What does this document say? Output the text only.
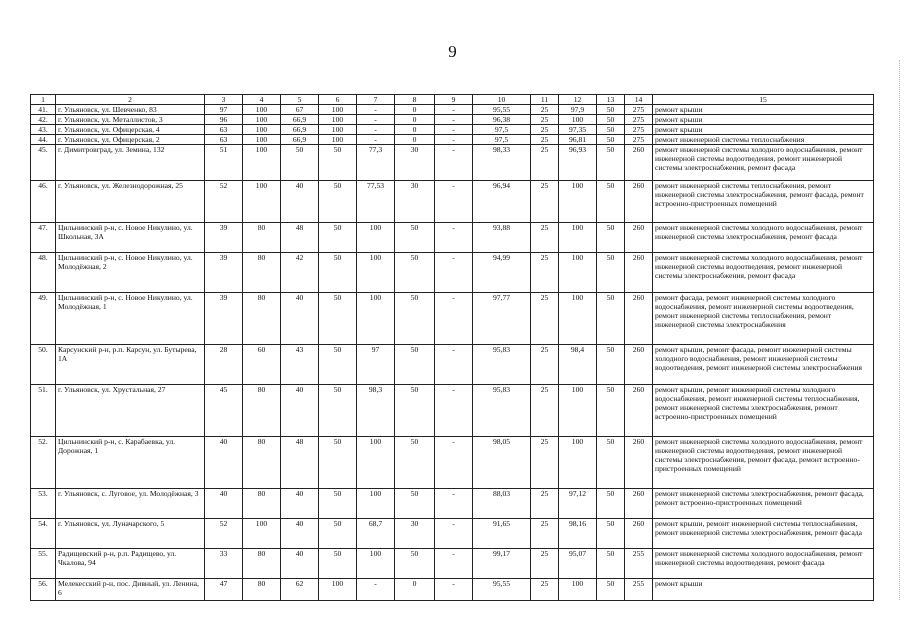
9
1	2	3	4	5	6	7	8	9	10	11	12	13	14	15
41.	г. Ульяновск, ул. Шевченко, 83	97	100	67	100	-	0	-	95,55	25	97,9	50	275	ремонт крыши
42.	г. Ульяновск, ул. Металлистов, 3	96	100	66,9	100	-	0	-	96,38	25	100	50	275	ремонт крыши
43.	г. Ульяновск, ул. Офицерская, 4	63	100	66,9	100	-	0	-	97,5	25	97,35	50	275	ремонт крыши
44.	г. Ульяновск, ул. Офицерская, 2	63	100	66,9	100	-	0	-	97,5	25	96,81	50	275	ремонт инженерной системы теплоснабжения
45.	г. Димитровград, ул. Земина, 132	51	100	50	50	77,3	30	-	98,33	25	96,93	50	260	ремонт инженерной системы холодного водоснабжения, ремонт инженерной системы водоотведения, ремонт инженерной системы электроснабжения, ремонт фасада
46.	г. Ульяновск, ул. Железнодорожная, 25	52	100	40	50	77,53	30	-	96,94	25	100	50	260	ремонт инженерной системы теплоснабжения, ремонт инженерной системы электроснабжения, ремонт фасада, ремонт встроенно-пристроенных помещений
47.	Цильнинский р-н, с. Новое Никулино, ул. Школьная, 3А	39	80	48	50	100	50	-	93,88	25	100	50	260	ремонт инженерной системы холодного водоснабжения, ремонт инженерной системы электроснабжения, ремонт фасада
48.	Цильнинский р-н, с. Новое Никулино, ул. Молодёжная, 2	39	80	42	50	100	50	-	94,99	25	100	50	260	ремонт инженерной системы холодного водоснабжения, ремонт инженерной системы водоотведения, ремонт инженерной системы электроснабжения, ремонт фасада
49.	Цильнинский р-н, с. Новое Никулино, ул. Молодёжная, 1	39	80	40	50	100	50	-	97,77	25	100	50	260	ремонт фасада, ремонт инженерной системы холодного водоснабжения, ремонт инженерной системы водоотведения, ремонт инженерной системы теплоснабжения, ремонт инженерной системы электроснабжения
50.	Карсунский р-н, р.п. Карсун, ул. Бутырева, 1А	28	60	43	50	97	50	-	95,83	25	98,4	50	260	ремонт крыши, ремонт фасада, ремонт инженерной системы холодного водоснабжения, ремонт инженерной системы водоотведения, ремонт инженерной системы электроснабжения
51.	г. Ульяновск, ул. Хрустальная, 27	45	80	40	50	98,3	50	-	95,83	25	100	50	260	ремонт крыши, ремонт инженерной системы холодного водоснабжения, ремонт инженерной системы теплоснабжения, ремонт инженерной системы электроснабжения, ремонт встроенно-пристроенных помещений
52.	Цильнинский р-н, с. Карабаевка, ул. Дорожная, 1	40	80	48	50	100	50	-	98,05	25	100	50	260	ремонт инженерной системы холодного водоснабжения, ремонт инженерной системы водоотведения, ремонт инженерной системы электроснабжения, ремонт фасада, ремонт встроенно-пристроенных помещений
53.	г. Ульяновск, с. Луговое, ул. Молодёжная, 3	40	80	40	50	100	50	-	88,03	25	97,12	50	260	ремонт инженерной системы электроснабжения, ремонт фасада, ремонт встроенно-пристроенных помещений
54.	г. Ульяновск, ул. Луначарского, 5	52	100	40	50	68,7	30	-	91,65	25	98,16	50	260	ремонт крыши, ремонт инженерной системы теплоснабжения, ремонт инженерной системы электроснабжения, ремонт фасада
55.	Радищевский р-н, р.п. Радищево, ул. Чкалова, 94	33	80	40	50	100	50	-	99,17	25	95,07	50	255	ремонт инженерной системы холодного водоснабжения, ремонт инженерной системы водоотведения, ремонт фасада
56.	Мелекесский р-н, пос. Дивный, ул. Ленина, 6	47	80	62	100	-	0	-	95,55	25	100	50	255	ремонт крыши
